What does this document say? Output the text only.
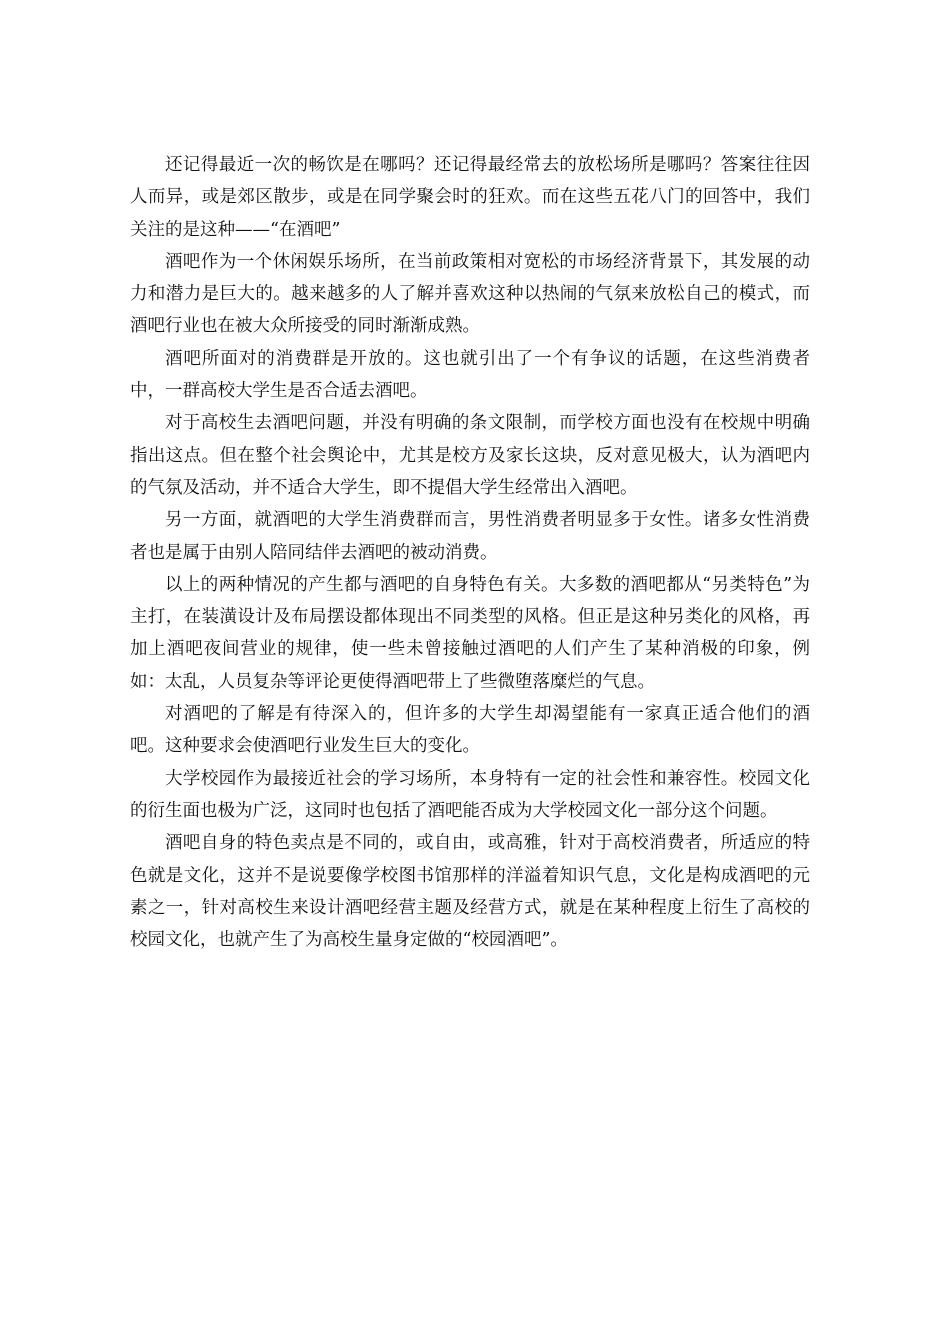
还记得最近一次的畅饮是在哪吗？还记得最经常去的放松场所是哪吗？答案往往因人而异，或是郊区散步，或是在同学聚会时的狂欢。而在这些五花八门的回答中，我们关注的是这种——“在酒吧”

酒吧作为一个休闲娱乐场所，在当前政策相对宽松的市场经济背景下，其发展的动力和潜力是巨大的。越来越多的人了解并喜欢这种以热闹的气氛来放松自己的模式，而酒吧行业也在被大众所接受的同时渐渐成熟。

酒吧所面对的消费群是开放的。这也就引出了一个有争议的话题，在这些消费者中，一群高校大学生是否合适去酒吧。

对于高校生去酒吧问题，并没有明确的条文限制，而学校方面也没有在校规中明确指出这点。但在整个社会舆论中，尤其是校方及家长这块，反对意见极大，认为酒吧内的气氛及活动，并不适合大学生，即不提倡大学生经常出入酒吧。

另一方面，就酒吧的大学生消费群而言，男性消费者明显多于女性。诸多女性消费者也是属于由别人陪同结伴去酒吧的被动消费。

以上的两种情况的产生都与酒吧的自身特色有关。大多数的酒吧都从“另类特色”为主打，在装潢设计及布局摆设都体现出不同类型的风格。但正是这种另类化的风格，再加上酒吧夜间营业的规律，使一些未曾接触过酒吧的人们产生了某种消极的印象，例如：太乱，人员复杂等评论更使得酒吧带上了些微堕落糜烂的气息。

对酒吧的了解是有待深入的，但许多的大学生却渴望能有一家真正适合他们的酒吧。这种要求会使酒吧行业发生巨大的变化。

大学校园作为最接近社会的学习场所，本身特有一定的社会性和兼容性。校园文化的衍生面也极为广泛，这同时也包括了酒吧能否成为大学校园文化一部分这个问题。

酒吧自身的特色卖点是不同的，或自由，或高雅，针对于高校消费者，所适应的特色就是文化，这并不是说要像学校图书馆那样的洋溢着知识气息，文化是构成酒吧的元素之一，针对高校生来设计酒吧经营主题及经营方式，就是在某种程度上衍生了高校的校园文化，也就产生了为高校生量身定做的“校园酒吧”。
